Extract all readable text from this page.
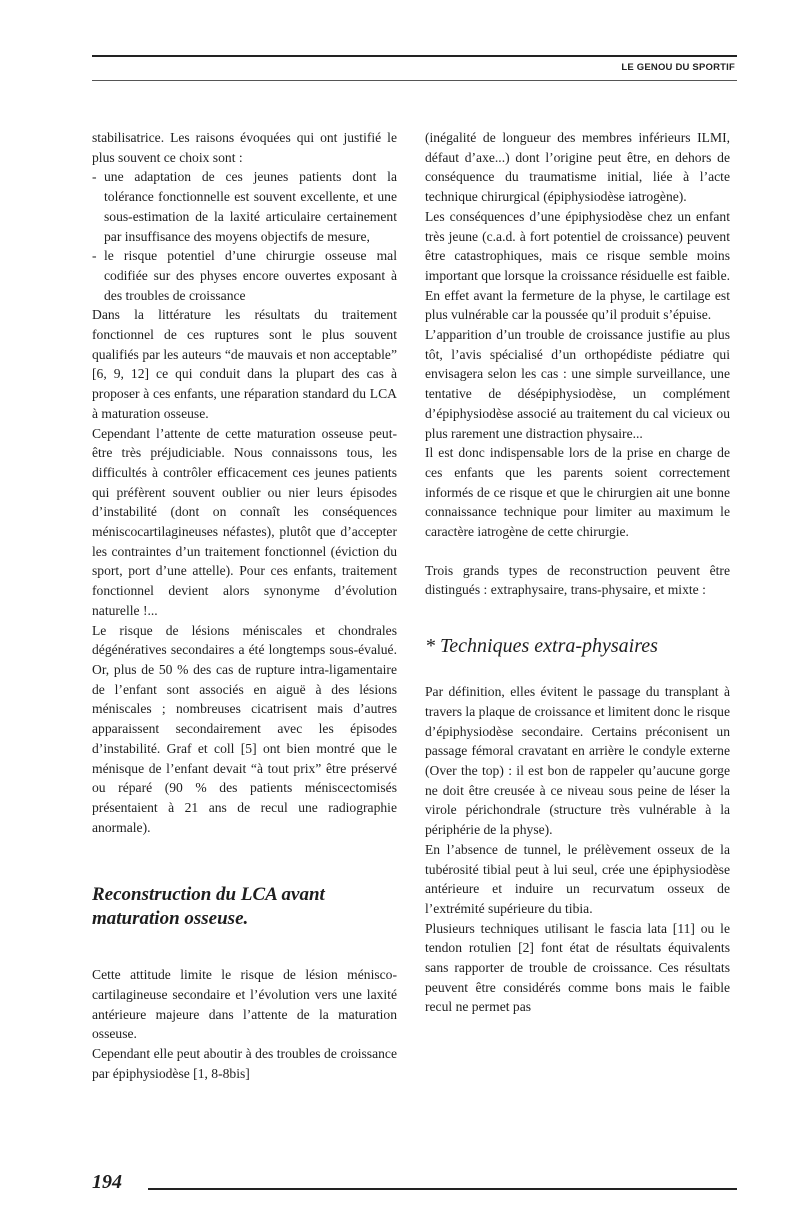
LE GENOU DU SPORTIF

stabilisatrice. Les raisons évoquées qui ont justifié le plus souvent ce choix sont :

- une adaptation de ces jeunes patients dont la tolérance fonctionnelle est souvent excellente, et une sous-estimation de la laxité articulaire certainement par insuffisance des moyens objectifs de mesure,
- le risque potentiel d’une chirurgie osseuse mal codifiée sur des physes encore ouvertes exposant à des troubles de croissance

Dans la littérature les résultats du traitement fonctionnel de ces ruptures sont le plus souvent qualifiés par les auteurs “de mauvais et non acceptable” [6, 9, 12] ce qui conduit dans la plupart des cas à proposer à ces enfants, une réparation standard du LCA à maturation osseuse.

Cependant l’attente de cette maturation osseuse peut-être très préjudiciable. Nous connaissons tous, les difficultés à contrôler efficacement ces jeunes patients qui préfèrent souvent oublier ou nier leurs épisodes d’instabilité (dont on connaît les conséquences méniscocartilagineuses néfastes), plutôt que d’accepter les contraintes d’un traitement fonctionnel (éviction du sport, port d’une attelle). Pour ces enfants, traitement fonctionnel devient alors synonyme d’évolution naturelle !...

Le risque de lésions méniscales et chondrales dégénératives secondaires a été longtemps sous-évalué. Or, plus de 50 % des cas de rupture intra-ligamentaire de l’enfant sont associés en aiguë à des lésions méniscales ; nombreuses cicatrisent mais d’autres apparaissent secondairement avec les épisodes d’instabilité. Graf et coll [5] ont bien montré que le ménisque de l’enfant devait “à tout prix” être préservé ou réparé (90 % des patients méniscectomisés présentaient à 21 ans de recul une radiographie anormale).

Reconstruction du LCA avant maturation osseuse.

Cette attitude limite le risque de lésion ménisco-cartilagineuse secondaire et l’évolution vers une laxité antérieure majeure dans l’attente de la maturation osseuse.

Cependant elle peut aboutir à des troubles de croissance par épiphysiodèse [1, 8-8bis]

(inégalité de longueur des membres inférieurs ILMI, défaut d’axe...) dont l’origine peut être, en dehors de conséquence du traumatisme initial, liée à l’acte technique chirurgical (épiphysiodèse iatrogène).

Les conséquences d’une épiphysiodèse chez un enfant très jeune (c.a.d. à fort potentiel de croissance) peuvent être catastrophiques, mais ce risque semble moins important que lorsque la croissance résiduelle est faible. En effet avant la fermeture de la physe, le cartilage est plus vulnérable car la poussée qu’il produit s’épuise.

L’apparition d’un trouble de croissance justifie au plus tôt, l’avis spécialisé d’un orthopédiste pédiatre qui envisagera selon les cas : une simple surveillance, une tentative de désépiphysiodèse, un complément d’épiphysiodèse associé au traitement du cal vicieux ou plus rarement une distraction physaire...

Il est donc indispensable lors de la prise en charge de ces enfants que les parents soient correctement informés de ce risque et que le chirurgien ait une bonne connaissance technique pour limiter au maximum le caractère iatrogène de cette chirurgie.

Trois grands types de reconstruction peuvent être distingués : extraphysaire, trans-physaire, et mixte :

* Techniques extra-physaires

Par définition, elles évitent le passage du transplant à travers la plaque de croissance et limitent donc le risque d’épiphysiodèse secondaire. Certains préconisent un passage fémoral cravatant en arrière le condyle externe (Over the top) : il est bon de rappeler qu’aucune gorge ne doit être creusée à ce niveau sous peine de léser la virole périchondrale (structure très vulnérable à la périphérie de la physe).

En l’absence de tunnel, le prélèvement osseux de la tubérosité tibial peut à lui seul, crée une épiphysiodèse antérieure et induire un recurvatum osseux de l’extrémité supérieure du tibia.

Plusieurs techniques utilisant le fascia lata [11] ou le tendon rotulien [2] font état de résultats équivalents sans rapporter de trouble de croissance. Ces résultats peuvent être considérés comme bons mais le faible recul ne permet pas

194
